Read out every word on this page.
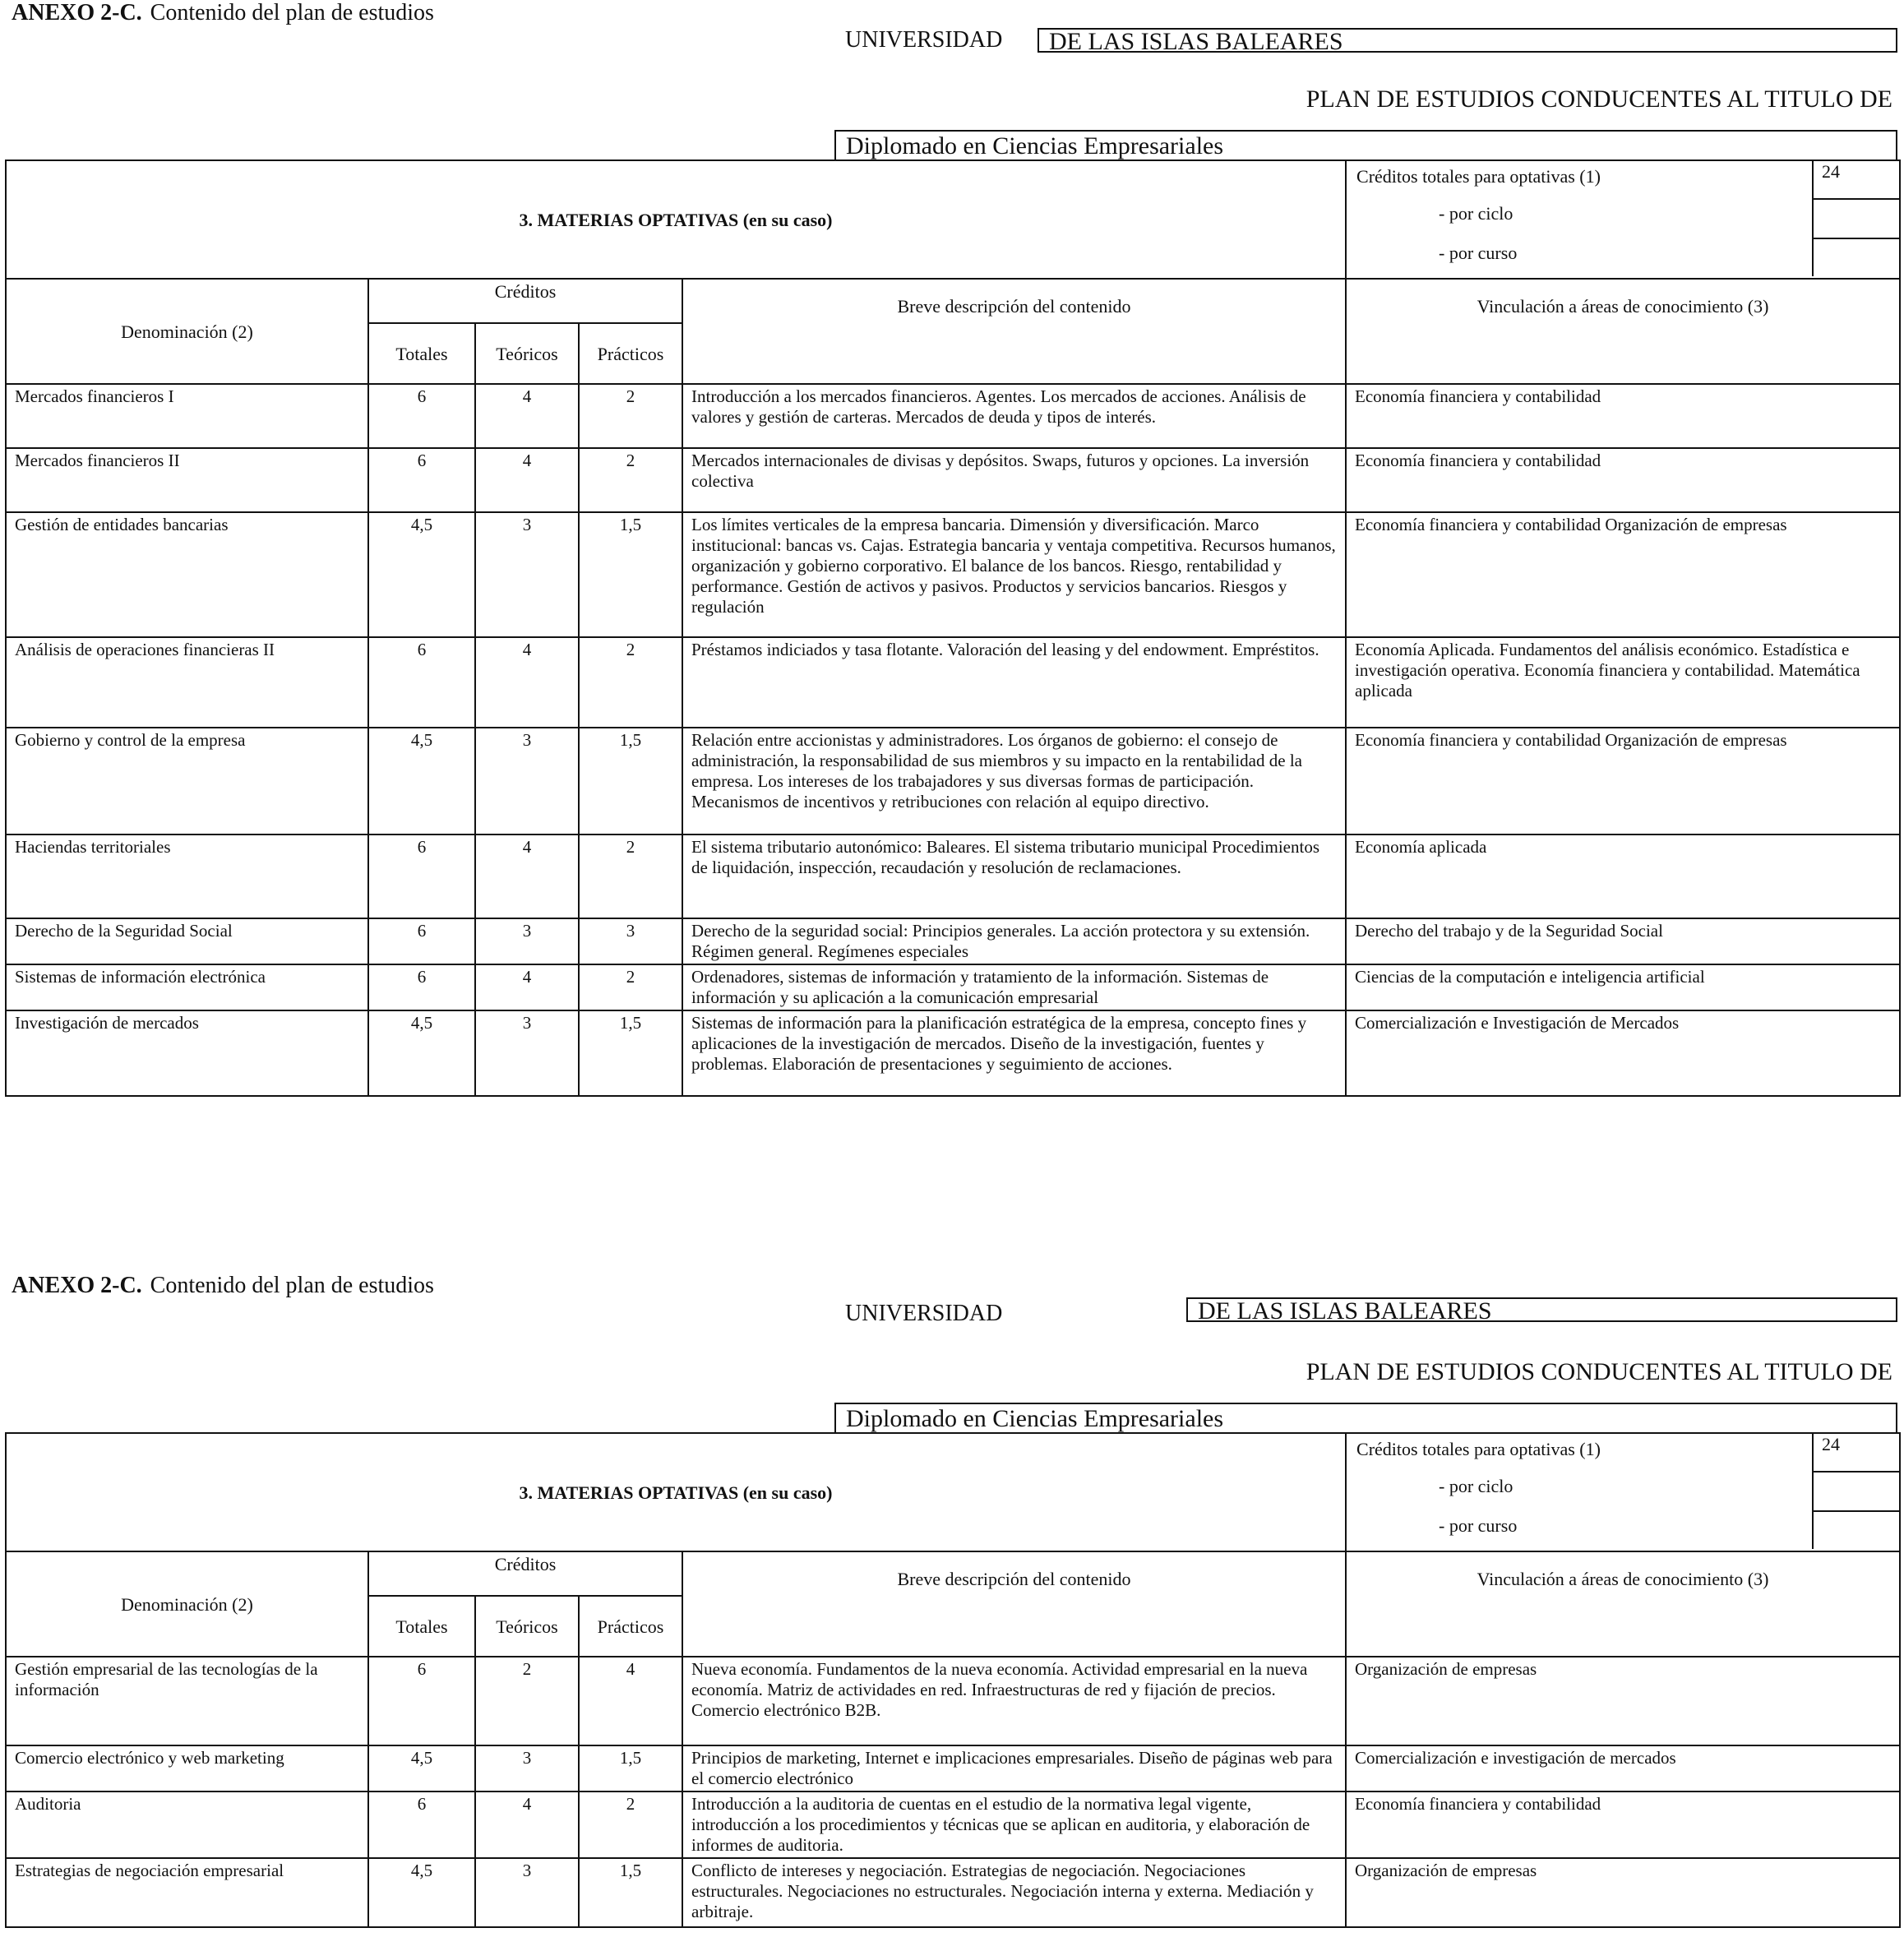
ANEXO 2-C. Contenido del plan de estudios
UNIVERSIDAD	DE LAS ISLAS BALEARES
PLAN DE ESTUDIOS CONDUCENTES AL TITULO DE
Diplomado en Ciencias Empresariales
3. MATERIAS OPTATIVAS (en su caso)					Créditos totales para optativas (1)
- por ciclo
- por curso
24

Denominación (2)	Créditos			Breve descripción del contenido	Vinculación a áreas de conocimiento (3)
	Totales	Teóricos	Prácticos		
Mercados financieros I	6	4	2	Introducción a los mercados financieros. Agentes. Los mercados de acciones. Análisis de valores y gestión de carteras. Mercados de deuda y tipos de interés.	Economía financiera y contabilidad
Mercados financieros II	6	4	2	Mercados internacionales de divisas y depósitos. Swaps, futuros y opciones. La inversión colectiva	Economía financiera y contabilidad
Gestión de entidades bancarias	4,5	3	1,5	Los límites verticales de la empresa bancaria. Dimensión y diversificación. Marco institucional: bancas vs. Cajas. Estrategia bancaria y ventaja competitiva. Recursos humanos, organización y gobierno corporativo. El balance de los bancos. Riesgo, rentabilidad y performance. Gestión de activos y pasivos. Productos y servicios bancarios. Riesgos y regulación	Economía financiera y contabilidad Organización de empresas
Análisis de operaciones financieras II	6	4	2	Préstamos indiciados y tasa flotante. Valoración del leasing y del endowment. Empréstitos.	Economía Aplicada. Fundamentos del análisis económico. Estadística e investigación operativa. Economía financiera y contabilidad. Matemática aplicada
Gobierno y control de la empresa	4,5	3	1,5	Relación entre accionistas y administradores. Los órganos de gobierno: el consejo de administración, la responsabilidad de sus miembros y su impacto en la rentabilidad de la empresa. Los intereses de los trabajadores y sus diversas formas de participación. Mecanismos de incentivos y retribuciones con relación al equipo directivo.	Economía financiera y contabilidad Organización de empresas
Haciendas territoriales	6	4	2	El sistema tributario autonómico: Baleares. El sistema tributario municipal Procedimientos de liquidación, inspección, recaudación y resolución de reclamaciones.	Economía aplicada
Derecho de la Seguridad Social	6	3	3	Derecho de la seguridad social: Principios generales. La acción protectora y su extensión. Régimen general. Regímenes especiales	Derecho del trabajo y de la Seguridad Social
Sistemas de información electrónica	6	4	2	Ordenadores, sistemas de información y tratamiento de la información. Sistemas de información y su aplicación a la comunicación empresarial	Ciencias de la computación e inteligencia artificial
Investigación de mercados	4,5	3	1,5	Sistemas de información para la planificación estratégica de la empresa, concepto fines y aplicaciones de la investigación de mercados. Diseño de la investigación, fuentes y problemas. Elaboración de presentaciones y seguimiento de acciones.	Comercialización e Investigación de Mercados
ANEXO 2-C. Contenido del plan de estudios
UNIVERSIDAD	DE LAS ISLAS BALEARES
PLAN DE ESTUDIOS CONDUCENTES AL TITULO DE
Diplomado en Ciencias Empresariales
3. MATERIAS OPTATIVAS (en su caso)					Créditos totales para optativas (1)
- por ciclo
- por curso
24

Denominación (2)	Créditos			Breve descripción del contenido	Vinculación a áreas de conocimiento (3)
	Totales	Teóricos	Prácticos		
Gestión empresarial de las tecnologías de la información	6	2	4	Nueva economía. Fundamentos de la nueva economía. Actividad empresarial en la nueva economía. Matriz de actividades en red. Infraestructuras de red y fijación de precios. Comercio electrónico B2B.	Organización de empresas
Comercio electrónico y web marketing	4,5	3	1,5	Principios de marketing, Internet e implicaciones empresariales. Diseño de páginas web para el comercio electrónico	Comercialización e investigación de mercados
Auditoria	6	4	2	Introducción a la auditoria de cuentas en el estudio de la normativa legal vigente, introducción a los procedimientos y técnicas que se aplican en auditoria, y elaboración de informes de auditoria.	Economía financiera y contabilidad
Estrategias de negociación empresarial	4,5	3	1,5	Conflicto de intereses y negociación. Estrategias de negociación. Negociaciones estructurales. Negociaciones no estructurales. Negociación interna y externa. Mediación y arbitraje.	Organización de empresas
